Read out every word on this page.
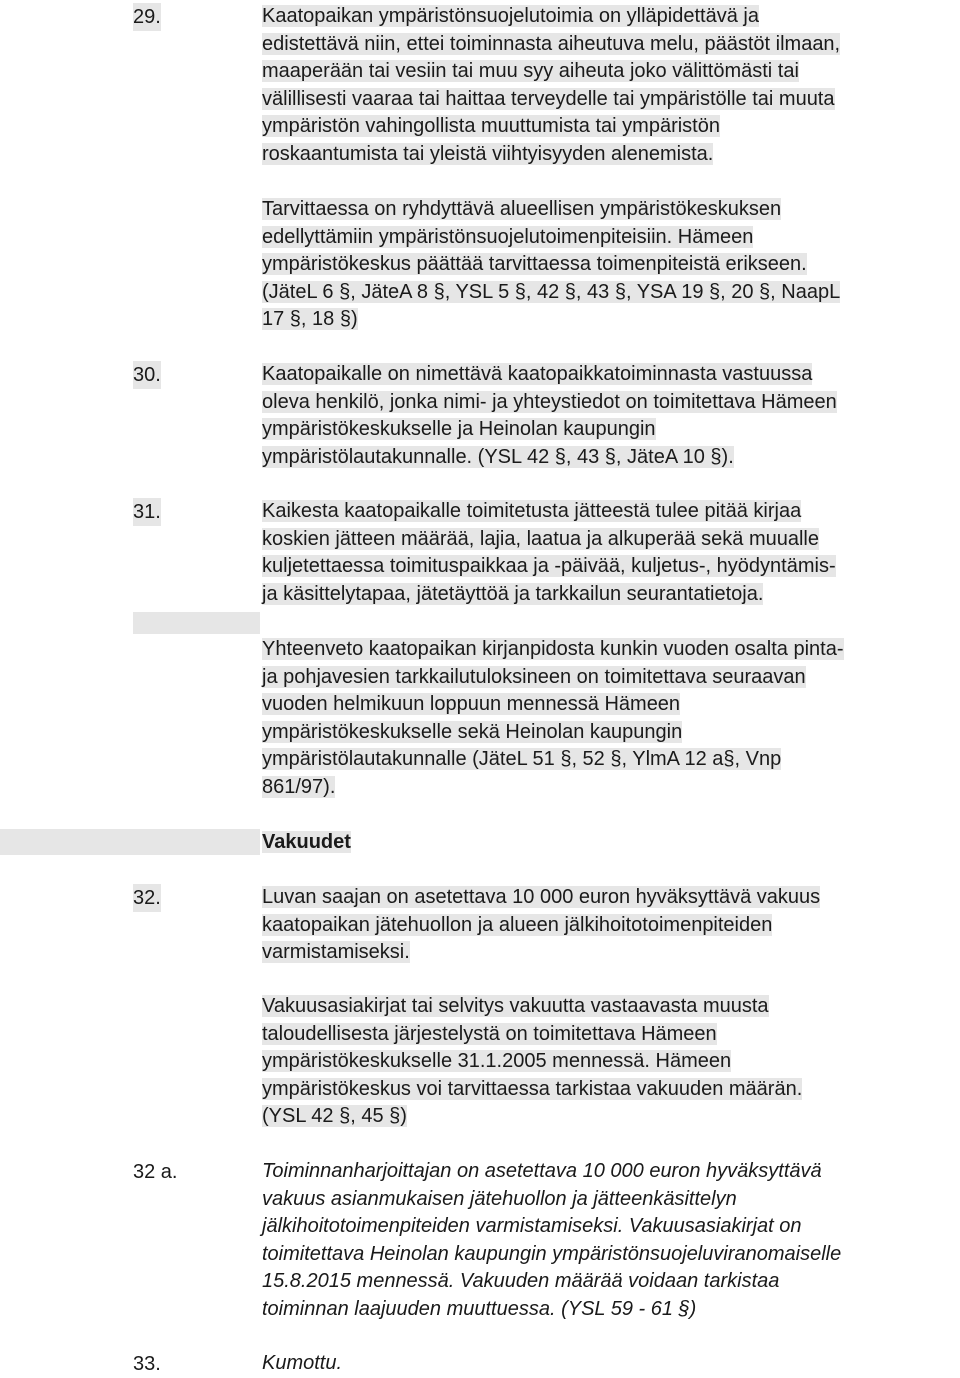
29.	Kaatopaikan ympäristönsuojelutoimia on ylläpidettävä ja
edistettävä niin, ettei toiminnasta aiheutuva melu, päästöt ilmaan,
maaperään tai vesiin tai muu syy aiheuta joko välittömästi tai
välillisesti vaaraa tai haittaa terveydelle tai ympäristölle tai muuta
ympäristön vahingollista muuttumista tai ympäristön
roskaantumista tai yleistä viihtyisyyden alenemista.
Tarvittaessa on ryhdyttävä alueellisen ympäristökeskuksen
edellyttämiin ympäristönsuojelutoimenpiteisiin. Hämeen
ympäristökeskus päättää tarvittaessa toimenpiteistä erikseen.
(JäteL 6 §, JäteA 8 §, YSL 5 §, 42 §, 43 §, YSA 19 §, 20 §, NaapL
17 §, 18 §)
30.	Kaatopaikalle on nimettävä kaatopaikkatoiminnasta vastuussa
oleva henkilö, jonka nimi- ja yhteystiedot on toimitettava Hämeen
ympäristökeskukselle ja Heinolan kaupungin
ympäristölautakunnalle. (YSL 42 §, 43 §, JäteA 10 §).
31.	Kaikesta kaatopaikalle toimitetusta jätteestä tulee pitää kirjaa
koskien jätteen määrää, lajia, laatua ja alkuperää sekä muualle
kuljetettaessa toimituspaikkaa ja -päivää, kuljetus-, hyödyntämis-
ja käsittelytapaa, jätetäyttöä ja tarkkailun seurantatietoja.
Yhteenveto kaatopaikan kirjanpidosta kunkin vuoden osalta pinta-
ja pohjavesien tarkkailutuloksineen on toimitettava seuraavan
vuoden helmikuun loppuun mennessä Hämeen
ympäristökeskukselle sekä Heinolan kaupungin
ympäristölautakunnalle (JäteL 51 §, 52 §, YlmA 12 a§, Vnp
861/97).
Vakuudet
32.	Luvan saajan on asetettava 10 000 euron hyväksyttävä vakuus
kaatopaikan jätehuollon ja alueen jälkihoitotoimenpiteiden
varmistamiseksi.
Vakuusasiakirjat tai selvitys vakuutta vastaavasta muusta
taloudellisesta järjestelystä on toimitettava Hämeen
ympäristökeskukselle 31.1.2005 mennessä. Hämeen
ympäristökeskus voi tarvittaessa tarkistaa vakuuden määrän.
(YSL 42 §, 45 §)
32 a.	Toiminnanharjoittajan on asetettava 10 000 euron hyväksyttävä
vakuus asianmukaisen jätehuollon ja jätteenkäsittelyn
jälkihoitotoimenpiteiden varmistamiseksi. Vakuusasiakirjat on
toimitettava Heinolan kaupungin ympäristönsuojeluviranomaiselle
15.8.2015 mennessä. Vakuuden määrää voidaan tarkistaa
toiminnan laajuuden muuttuessa. (YSL 59 - 61 §)
33.	Kumottu.
